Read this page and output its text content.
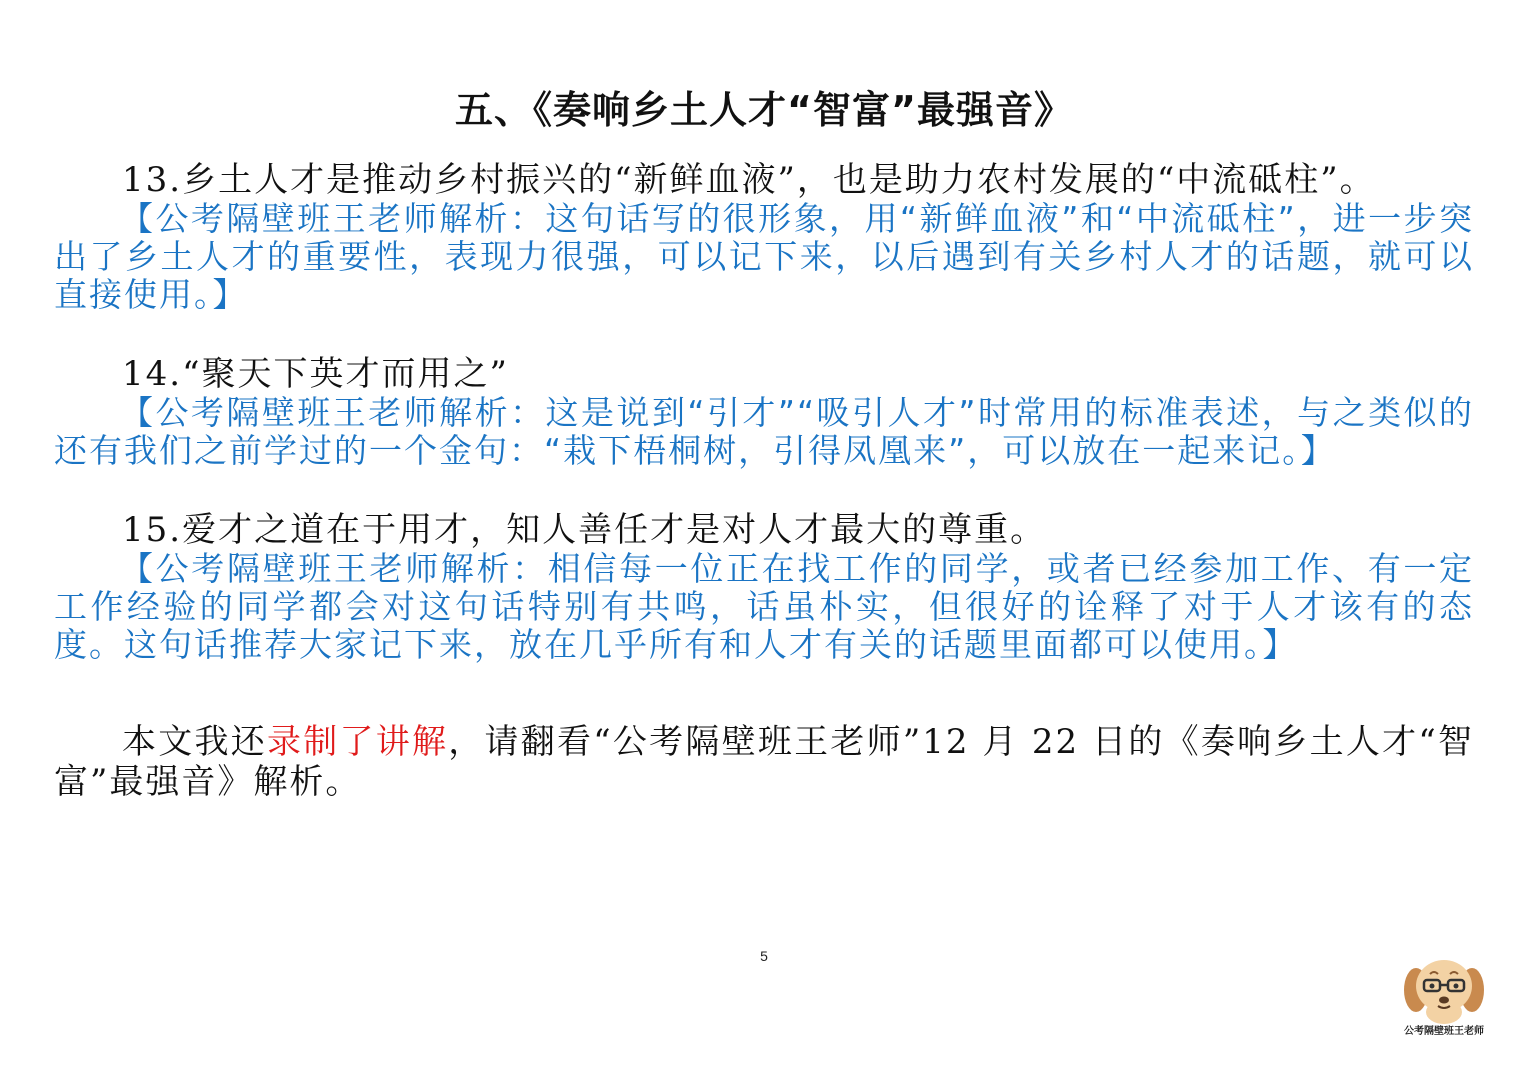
五、《奏响乡土人才“智富”最强音》

13.乡土人才是推动乡村振兴的“新鲜血液”，也是助力农村发展的“中流砥柱”。

【公考隔壁班王老师解析：这句话写的很形象，用“新鲜血液”和“中流砥柱”，进一步突出了乡土人才的重要性，表现力很强，可以记下来，以后遇到有关乡村人才的话题，就可以直接使用。】

14.“聚天下英才而用之”

【公考隔壁班王老师解析：这是说到“引才”“吸引人才”时常用的标准表述，与之类似的还有我们之前学过的一个金句：“栽下梧桐树，引得凤凰来”，可以放在一起来记。】

15.爱才之道在于用才，知人善任才是对人才最大的尊重。

【公考隔壁班王老师解析：相信每一位正在找工作的同学，或者已经参加工作、有一定工作经验的同学都会对这句话特别有共鸣，话虽朴实，但很好的诠释了对于人才该有的态度。这句话推荐大家记下来，放在几乎所有和人才有关的话题里面都可以使用。】

本文我还录制了讲解，请翻看“公考隔壁班王老师”12 月 22 日的《奏响乡土人才“智富”最强音》解析。

5
公考隔壁班王老师
